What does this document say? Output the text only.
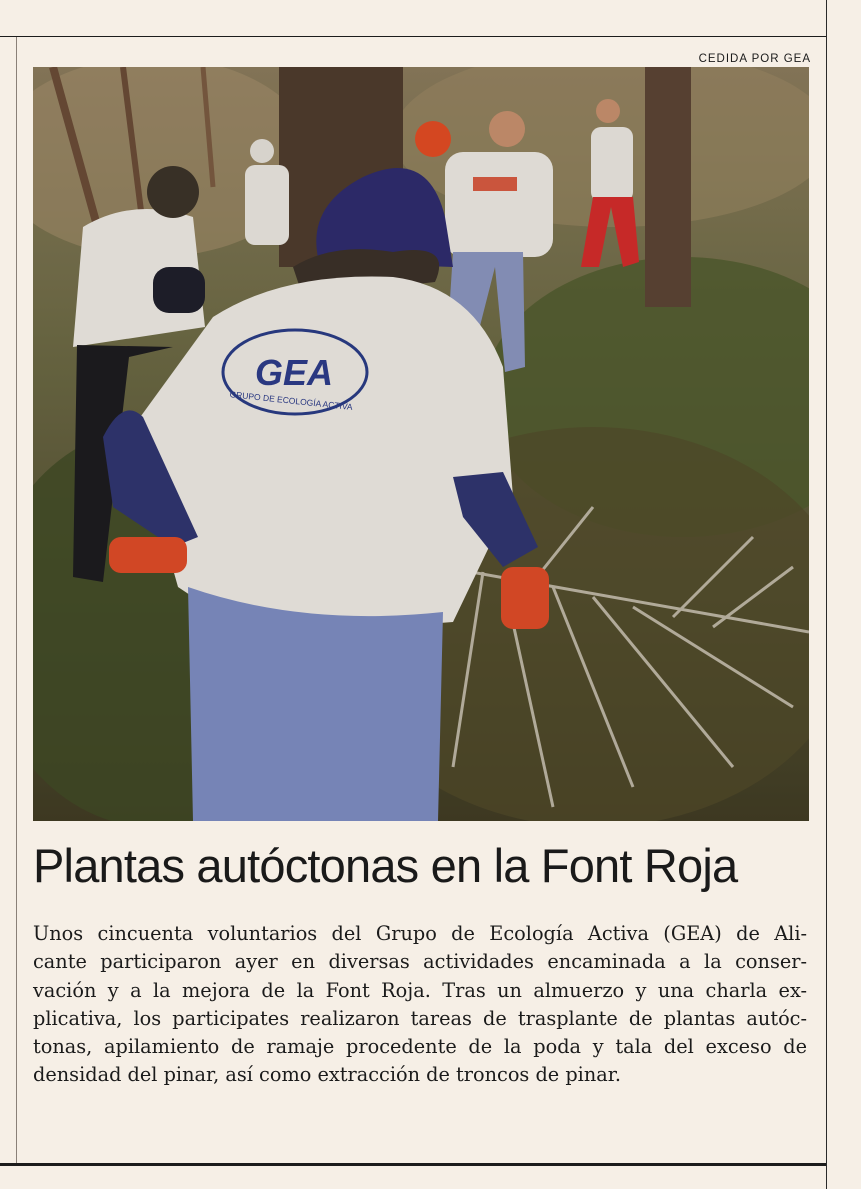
CEDIDA POR GEA
GEA
GRUPO DE ECOLOGÍA ACTIVA
Plantas autóctonas en la Font Roja
Unos cincuenta voluntarios del Grupo de Ecología Activa (GEA) de Ali-
cante participaron ayer en diversas actividades encaminada a la conser-
vación y a la mejora de la Font Roja. Tras un almuerzo y una charla ex-
plicativa, los participates realizaron tareas de trasplante de plantas autóc-
tonas, apilamiento de ramaje procedente de la poda y tala del exceso de
densidad del pinar, así como extracción de troncos de pinar.
